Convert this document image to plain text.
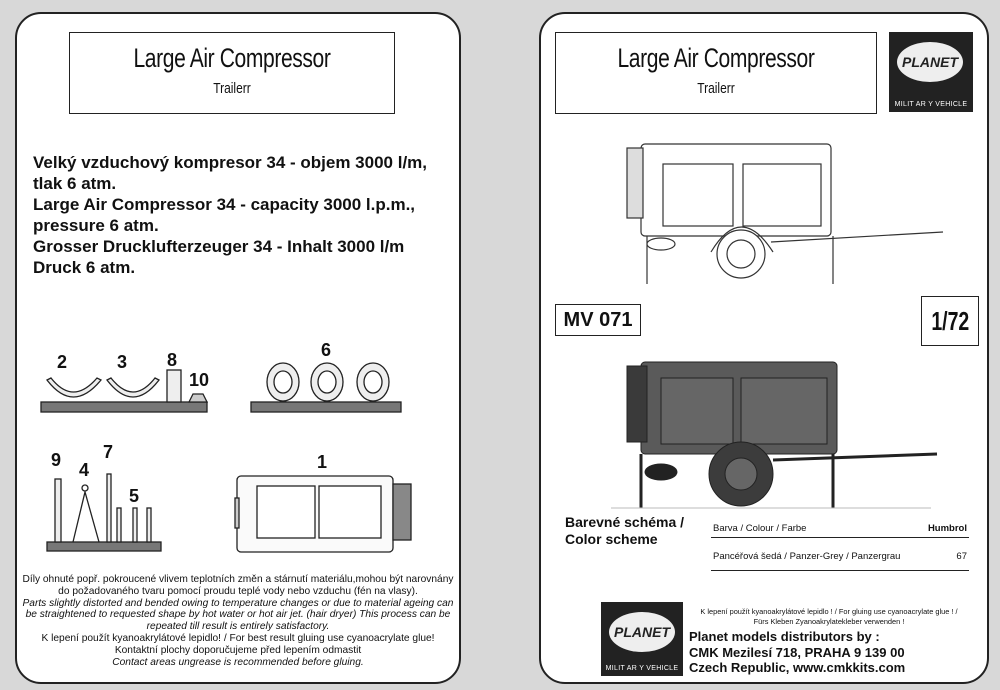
Large Air Compressor
Trailerr
Velký vzduchový kompresor 34 - objem 3000 l/m,
tlak 6 atm.
Large Air Compressor 34 - capacity 3000 l.p.m.,
pressure 6 atm.
Grosser Drucklufterzeuger 34 - Inhalt 3000 l/m
Druck 6 atm.
2	3 8
10
6
9 4
7
5
1
Díly ohnuté popř. pokroucené vlivem teplotních změn a stárnutí materiálu,mohou být narovnány do požadovaného tvaru pomocí proudu teplé vody nebo vzduchu (fén na vlasy).
Parts slightly distorted and bended owing to temperature changes or due to material ageing can be straightened to requested shape by hot water or hot air jet. (hair dryer) This process can be repeated till result is entirely satisfactory.
K lepení použít kyanoakrylátové lepidlo! / For best result gluing use cyanoacrylate glue!
Kontaktní plochy doporučujeme před lepením odmastit
Contact areas ungrease is recommended before gluing.
Large Air Compressor
Trailerr
PLANET
MILIT AR Y VEHICLE
MV 071	1/72
Barevné schéma /
Color scheme
Barva / Colour / Farbe	Humbrol
Pancéřová šedá / Panzer-Grey / Panzergrau	67
PLANET
MILIT AR Y VEHICLE
K lepení použít kyanoakrylátové lepidlo ! / For gluing use cyanoacrylate glue ! /
Fürs Kleben Zyanoakrylatekleber verwenden !
Planet models distributors by :
CMK Mezilesí 718, PRAHA 9 139 00
Czech Republic, www.cmkkits.com
